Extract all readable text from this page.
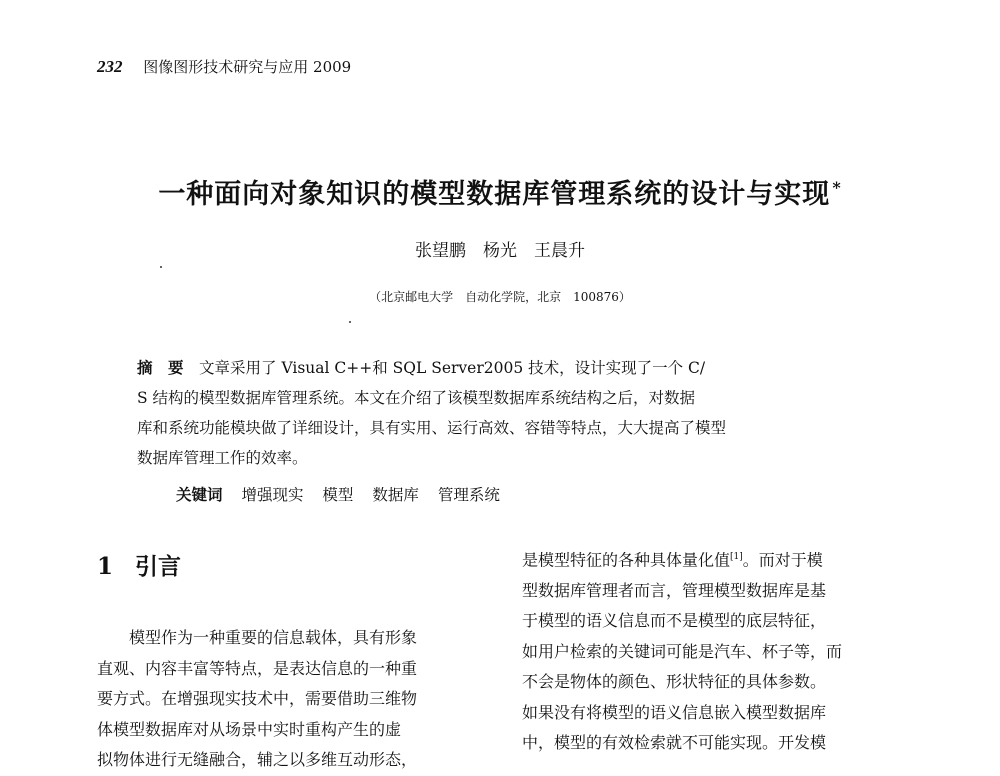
232 图像图形技术研究与应用 2009
一种面向对象知识的模型数据库管理系统的设计与实现 *
张望鹏　杨光　王晨升
（北京邮电大学　自动化学院，北京　100876）
摘　要　 文章采用了 Visual C++和 SQL Server2005 技术，设计实现了一个 C/
S 结构的模型数据库管理系统。本文在介绍了该模型数据库系统结构之后，对数据
库和系统功能模块做了详细设计，具有实用、运行高效、容错等特点，大大提高了模型
数据库管理工作的效率。
关键词 增强现实 模型 数据库 管理系统
1 引言
模型作为一种重要的信息载体，具有形象
直观、内容丰富等特点，是表达信息的一种重
要方式。在增强现实技术中，需要借助三维物
体模型数据库对从场景中实时重构产生的虚
拟物体进行无缝融合，辅之以多维互动形态，
是模型特征的各种具体量化值[1]。而对于模
型数据库管理者而言，管理模型数据库是基
于模型的语义信息而不是模型的底层特征，
如用户检索的关键词可能是汽车、杯子等，而
不会是物体的颜色、形状特征的具体参数。
如果没有将模型的语义信息嵌入模型数据库
中，模型的有效检索就不可能实现。开发模
